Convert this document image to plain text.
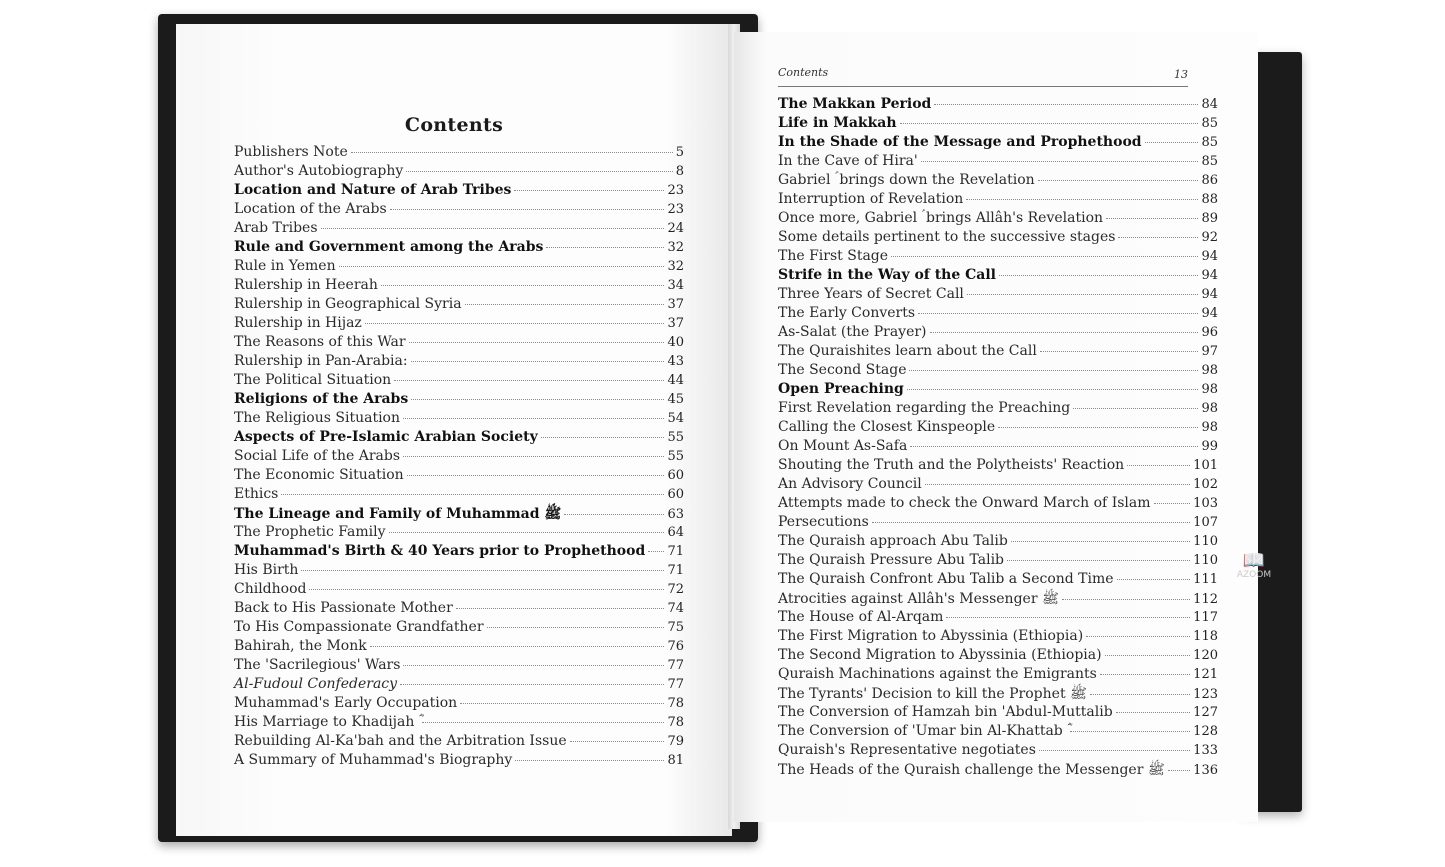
Contents
Publishers Note	5
Author's Autobiography	8
Location and Nature of Arab Tribes	23
Location of the Arabs	23
Arab Tribes	24
Rule and Government among the Arabs	32
Rule in Yemen	32
Rulership in Heerah	34
Rulership in Geographical Syria	37
Rulership in Hijaz	37
The Reasons of this War	40
Rulership in Pan-Arabia:	43
The Political Situation	44
Religions of the Arabs	45
The Religious Situation	54
Aspects of Pre-Islamic Arabian Society	55
Social Life of the Arabs	55
The Economic Situation	60
Ethics	60
The Lineage and Family of Muhammad ﷺ	63
The Prophetic Family	64
Muhammad's Birth & 40 Years prior to Prophethood 71
His Birth	71
Childhood	72
Back to His Passionate Mother	74
To His Compassionate Grandfather	75
Bahirah, the Monk	76
The 'Sacrilegious' Wars	77
Al-Fudoul Confederacy	77
Muhammad's Early Occupation	78
His Marriage to Khadijah ؓ	78
Rebuilding Al-Ka'bah and the Arbitration Issue	79
A Summary of Muhammad's Biography	81
Contents	13
The Makkan Period	84
Life in Makkah	85
In the Shade of the Message and Prophethood	85
In the Cave of Hira'	85
Gabriel ؑ brings down the Revelation	86
Interruption of Revelation	88
Once more, Gabriel ؑ brings Allâh's Revelation	89
Some details pertinent to the successive stages	92
The First Stage	94
Strife in the Way of the Call	94
Three Years of Secret Call	94
The Early Converts	94
As-Salat (the Prayer)	96
The Quraishites learn about the Call	97
The Second Stage	98
Open Preaching	98
First Revelation regarding the Preaching	98
Calling the Closest Kinspeople	98
On Mount As-Safa	99
Shouting the Truth and the Polytheists' Reaction	101
An Advisory Council	102
Attempts made to check the Onward March of Islam	103
Persecutions	107
The Quraish approach Abu Talib	110
The Quraish Pressure Abu Talib	110
The Quraish Confront Abu Talib a Second Time	111
Atrocities against Allâh's Messenger ﷺ	112
The House of Al-Arqam	117
The First Migration to Abyssinia (Ethiopia)	118
The Second Migration to Abyssinia (Ethiopia)	120
Quraish Machinations against the Emigrants	121
The Tyrants' Decision to kill the Prophet ﷺ	123
The Conversion of Hamzah bin 'Abdul-Muttalib	127
The Conversion of 'Umar bin Al-Khattab ؓ	128
Quraish's Representative negotiates	133
The Heads of the Quraish challenge the Messenger ﷺ 136
📖
AZOOM
